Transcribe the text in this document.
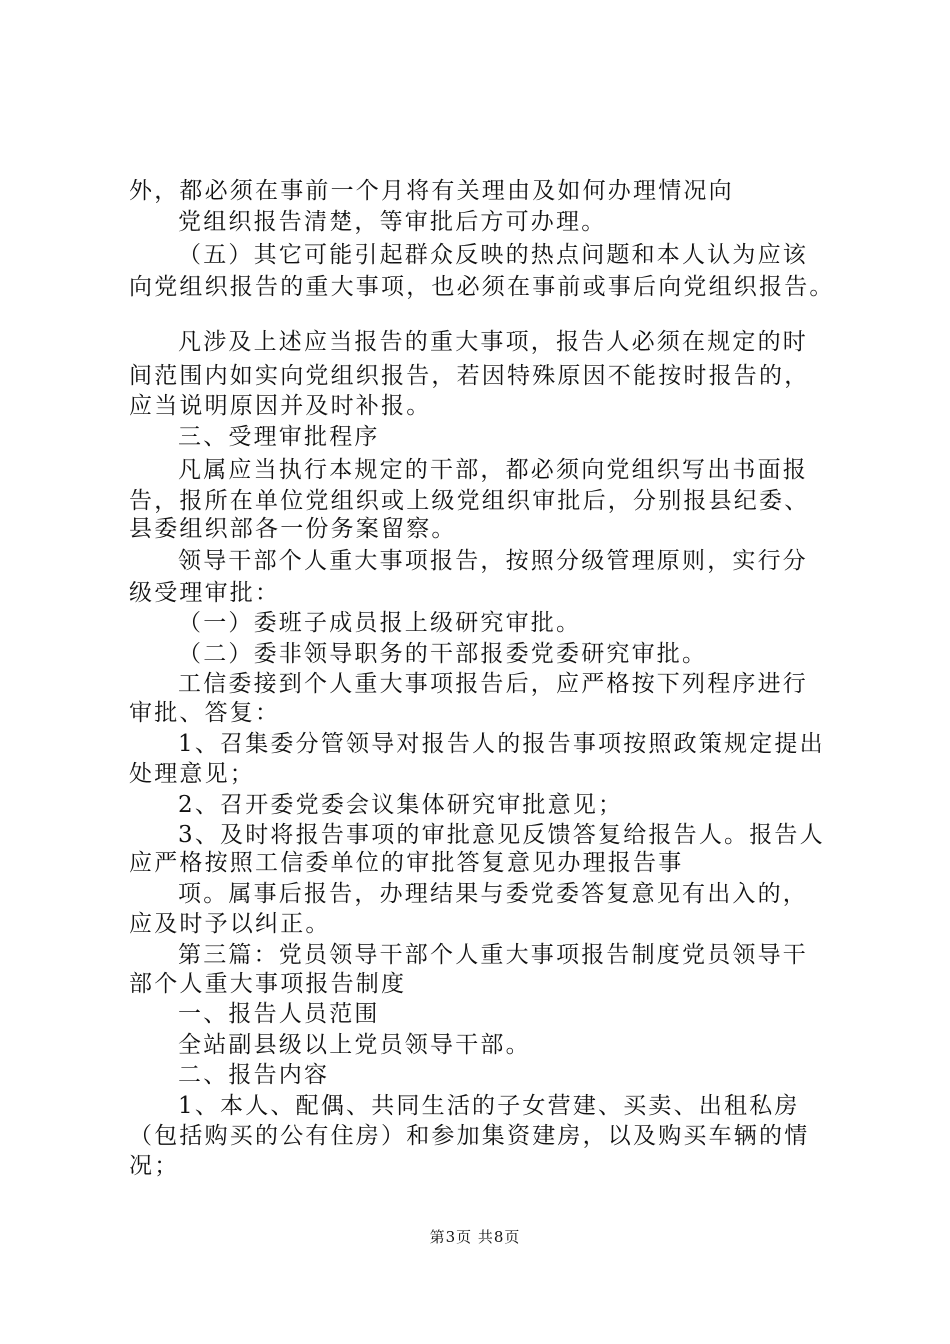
外，都必须在事前一个月将有关理由及如何办理情况向
党组织报告清楚，等审批后方可办理。
（五）其它可能引起群众反映的热点问题和本人认为应该
向党组织报告的重大事项，也必须在事前或事后向党组织报告。
凡涉及上述应当报告的重大事项，报告人必须在规定的时
间范围内如实向党组织报告，若因特殊原因不能按时报告的，
应当说明原因并及时补报。
三、受理审批程序
凡属应当执行本规定的干部，都必须向党组织写出书面报
告，报所在单位党组织或上级党组织审批后，分别报县纪委、
县委组织部各一份务案留察。
领导干部个人重大事项报告，按照分级管理原则，实行分
级受理审批：
（一）委班子成员报上级研究审批。
（二）委非领导职务的干部报委党委研究审批。
工信委接到个人重大事项报告后，应严格按下列程序进行
审批、答复：
1、召集委分管领导对报告人的报告事项按照政策规定提出
处理意见；
2、召开委党委会议集体研究审批意见；
3、及时将报告事项的审批意见反馈答复给报告人。报告人
应严格按照工信委单位的审批答复意见办理报告事
项。属事后报告，办理结果与委党委答复意见有出入的，
应及时予以纠正。
第三篇：党员领导干部个人重大事项报告制度党员领导干
部个人重大事项报告制度
一、报告人员范围
全站副县级以上党员领导干部。
二、报告内容
1、本人、配偶、共同生活的子女营建、买卖、出租私房
（包括购买的公有住房）和参加集资建房，以及购买车辆的情
况；
第3页 共8页
